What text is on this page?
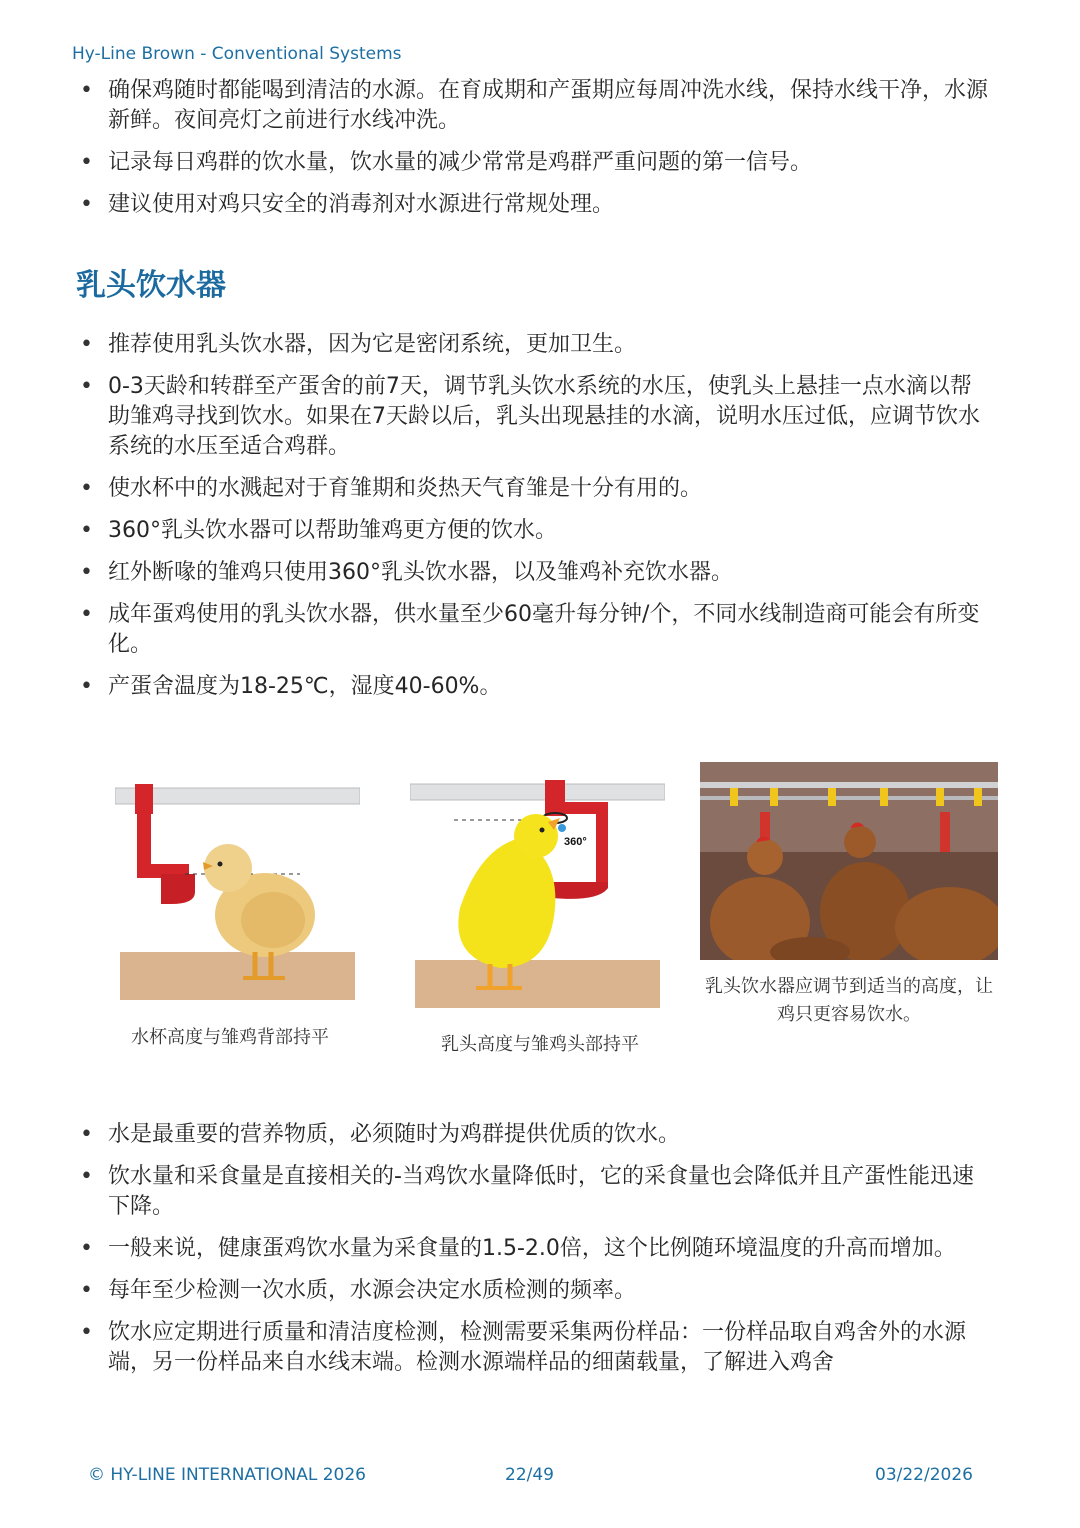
Hy-Line Brown - Conventional Systems
• 确保鸡随时都能喝到清洁的水源。在育成期和产蛋期应每周冲洗水线，保持水线干净，水源新鲜。夜间亮灯之前进行水线冲洗。
• 记录每日鸡群的饮水量，饮水量的减少常常是鸡群严重问题的第一信号。
• 建议使用对鸡只安全的消毒剂对水源进行常规处理。
乳头饮水器
• 推荐使用乳头饮水器，因为它是密闭系统，更加卫生。
• 0-3天龄和转群至产蛋舍的前7天，调节乳头饮水系统的水压，使乳头上悬挂一点水滴以帮助雏鸡寻找到饮水。如果在7天龄以后，乳头出现悬挂的水滴，说明水压过低，应调节饮水系统的水压至适合鸡群。
• 使水杯中的水溅起对于育雏期和炎热天气育雏是十分有用的。
• 360°乳头饮水器可以帮助雏鸡更方便的饮水。
• 红外断喙的雏鸡只使用360°乳头饮水器，以及雏鸡补充饮水器。
• 成年蛋鸡使用的乳头饮水器，供水量至少60毫升每分钟/个，不同水线制造商可能会有所变化。
• 产蛋舍温度为18-25℃，湿度40-60%。
水杯高度与雏鸡背部持平
360°
乳头高度与雏鸡头部持平
乳头饮水器应调节到适当的高度，让
鸡只更容易饮水。
• 水是最重要的营养物质，必须随时为鸡群提供优质的饮水。
• 饮水量和采食量是直接相关的-当鸡饮水量降低时，它的采食量也会降低并且产蛋性能迅速下降。
• 一般来说，健康蛋鸡饮水量为采食量的1.5-2.0倍，这个比例随环境温度的升高而增加。
• 每年至少检测一次水质，水源会决定水质检测的频率。
• 饮水应定期进行质量和清洁度检测，检测需要采集两份样品：一份样品取自鸡舍外的水源端，另一份样品来自水线末端。检测水源端样品的细菌载量，了解进入鸡舍
© HY-LINE INTERNATIONAL 2026	22/49	03/22/2026
